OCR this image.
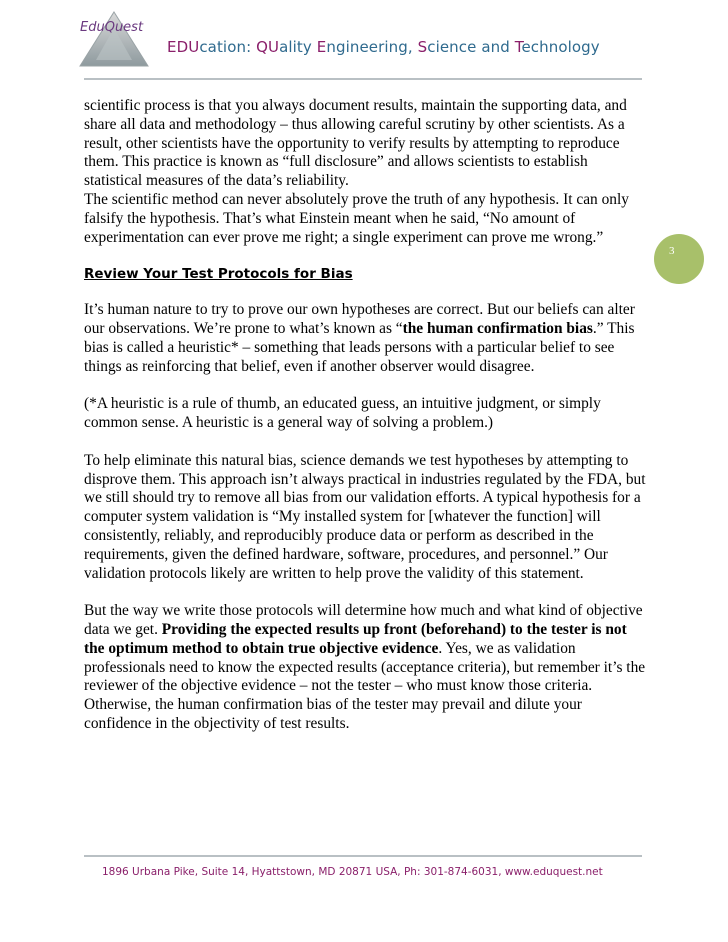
EduQuest
EDUcation: QUality Engineering, Science and Technology
3

scientific process is that you always document results, maintain the supporting data, and share all data and methodology – thus allowing careful scrutiny by other scientists. As a result, other scientists have the opportunity to verify results by attempting to reproduce them. This practice is known as “full disclosure” and allows scientists to establish statistical measures of the data’s reliability.

The scientific method can never absolutely prove the truth of any hypothesis. It can only falsify the hypothesis. That’s what Einstein meant when he said, “No amount of experimentation can ever prove me right; a single experiment can prove me wrong.”

Review Your Test Protocols for Bias

It’s human nature to try to prove our own hypotheses are correct. But our beliefs can alter our observations. We’re prone to what’s known as “the human confirmation bias.” This bias is called a heuristic* – something that leads persons with a particular belief to see things as reinforcing that belief, even if another observer would disagree.

(*A heuristic is a rule of thumb, an educated guess, an intuitive judgment, or simply common sense. A heuristic is a general way of solving a problem.)

To help eliminate this natural bias, science demands we test hypotheses by attempting to disprove them. This approach isn’t always practical in industries regulated by the FDA, but we still should try to remove all bias from our validation efforts. A typical hypothesis for a computer system validation is “My installed system for [whatever the function] will consistently, reliably, and reproducibly produce data or perform as described in the requirements, given the defined hardware, software, procedures, and personnel.” Our validation protocols likely are written to help prove the validity of this statement.

But the way we write those protocols will determine how much and what kind of objective data we get. Providing the expected results up front (beforehand) to the tester is not the optimum method to obtain true objective evidence. Yes, we as validation professionals need to know the expected results (acceptance criteria), but remember it’s the reviewer of the objective evidence – not the tester – who must know those criteria. Otherwise, the human confirmation bias of the tester may prevail and dilute your confidence in the objectivity of test results.

1896 Urbana Pike, Suite 14, Hyattstown, MD 20871 USA, Ph: 301-874-6031, www.eduquest.net
